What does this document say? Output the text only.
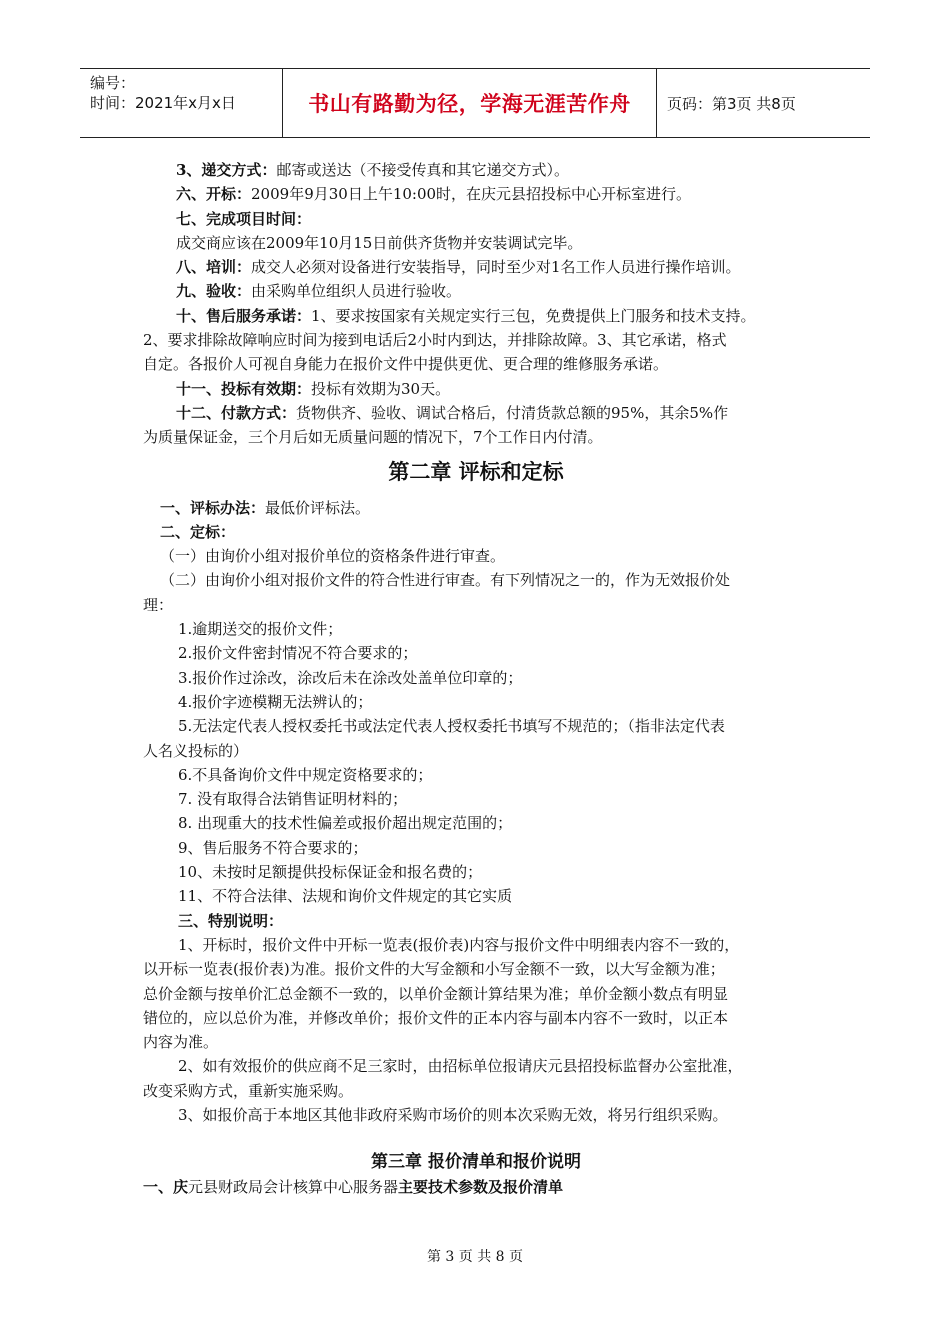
编号：
时间：2021年x月x日	书山有路勤为径，学海无涯苦作舟	页码：第3页 共8页
3、递交方式：邮寄或送达（不接受传真和其它递交方式）。
六、开标：2009年9月30日上午10:00时，在庆元县招投标中心开标室进行。
七、完成项目时间：
成交商应该在2009年10月15日前供齐货物并安装调试完毕。
八、培训：成交人必须对设备进行安装指导，同时至少对1名工作人员进行操作培训。
九、验收：由采购单位组织人员进行验收。
十、售后服务承诺：1、要求按国家有关规定实行三包，免费提供上门服务和技术支持。
2、要求排除故障响应时间为接到电话后2小时内到达，并排除故障。3、其它承诺，格式
自定。各报价人可视自身能力在报价文件中提供更优、更合理的维修服务承诺。
十一、投标有效期：投标有效期为30天。
十二、付款方式：货物供齐、验收、调试合格后，付清货款总额的95%，其余5%作
为质量保证金，三个月后如无质量问题的情况下，7个工作日内付清。
第二章 评标和定标
一、评标办法：最低价评标法。
二、定标：
（一）由询价小组对报价单位的资格条件进行审查。
（二）由询价小组对报价文件的符合性进行审查。有下列情况之一的，作为无效报价处
理：
1.逾期送交的报价文件；
2.报价文件密封情况不符合要求的；
3.报价作过涂改，涂改后未在涂改处盖单位印章的；
4.报价字迹模糊无法辨认的；
5.无法定代表人授权委托书或法定代表人授权委托书填写不规范的；（指非法定代表
人名义投标的）
6.不具备询价文件中规定资格要求的；
7. 没有取得合法销售证明材料的；
8. 出现重大的技术性偏差或报价超出规定范围的；
9、售后服务不符合要求的；
10、未按时足额提供投标保证金和报名费的；
11、不符合法律、法规和询价文件规定的其它实质
三、特别说明：
1、开标时，报价文件中开标一览表(报价表)内容与报价文件中明细表内容不一致的，
以开标一览表(报价表)为准。报价文件的大写金额和小写金额不一致，以大写金额为准；
总价金额与按单价汇总金额不一致的，以单价金额计算结果为准；单价金额小数点有明显
错位的，应以总价为准，并修改单价；报价文件的正本内容与副本内容不一致时，以正本
内容为准。
2、如有效报价的供应商不足三家时，由招标单位报请庆元县招投标监督办公室批准，
改变采购方式，重新实施采购。
3、如报价高于本地区其他非政府采购市场价的则本次采购无效，将另行组织采购。
第三章 报价清单和报价说明
一、庆元县财政局会计核算中心服务器主要技术参数及报价清单
第 3 页 共 8 页
